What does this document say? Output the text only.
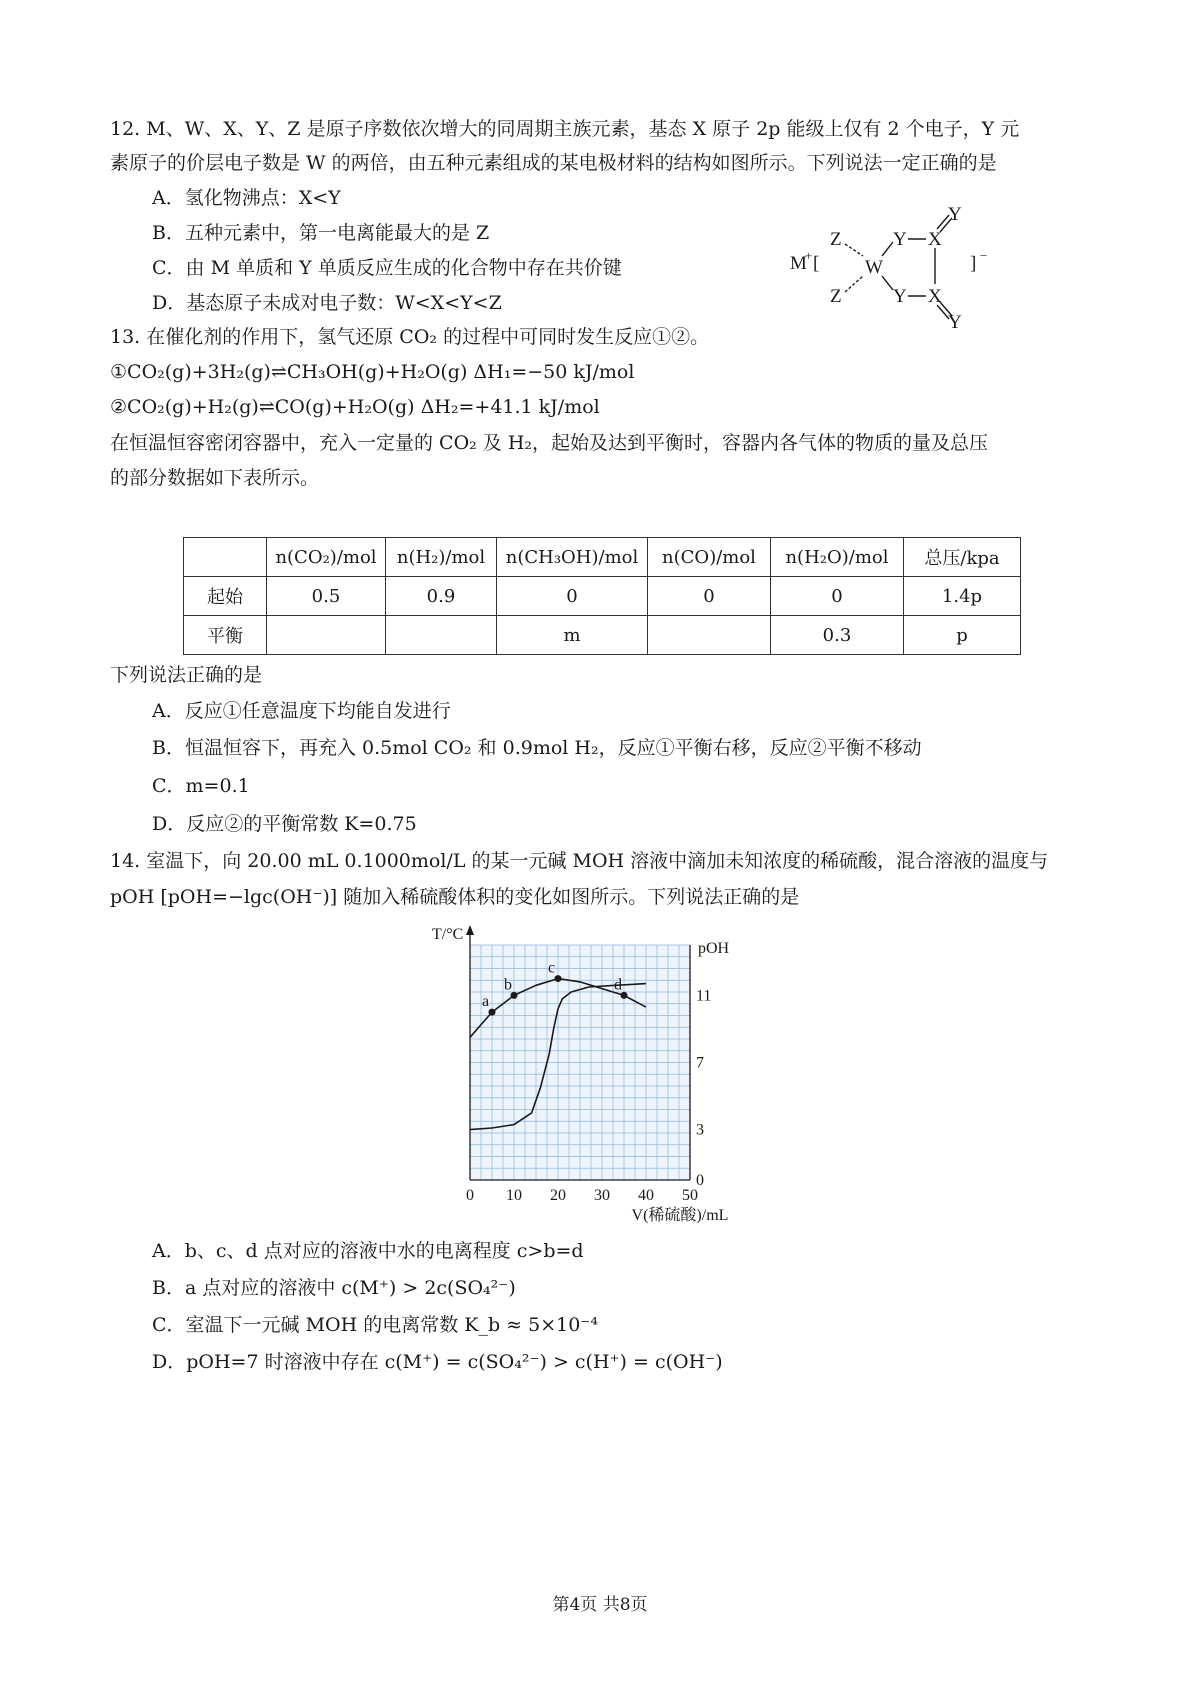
12. M、W、X、Y、Z 是原子序数依次增大的同周期主族元素，基态 X 原子 2p 能级上仅有 2 个电子，Y 元
素原子的价层电子数是 W 的两倍，由五种元素组成的某电极材料的结构如图所示。下列说法一定正确的是
A．氢化物沸点：X<Y
B．五种元素中，第一电离能最大的是 Z
C．由 M 单质和 Y 单质反应生成的化合物中存在共价键
D．基态原子未成对电子数：W<X<Y<Z
M
+ [
Z
Z
W
Y
Y
X
X
Y
Y
] −
13. 在催化剂的作用下，氢气还原 CO₂ 的过程中可同时发生反应①②。
①CO₂(g)+3H₂(g)⇌CH₃OH(g)+H₂O(g) ΔH₁=−50 kJ/mol
②CO₂(g)+H₂(g)⇌CO(g)+H₂O(g) ΔH₂=+41.1 kJ/mol
在恒温恒容密闭容器中，充入一定量的 CO₂ 及 H₂，起始及达到平衡时，容器内各气体的物质的量及总压
的部分数据如下表所示。
	n(CO₂)/mol	n(H₂)/mol	n(CH₃OH)/mol	n(CO)/mol	n(H₂O)/mol	总压/kpa
起始	0.5	0.9	0	0	0	1.4p
平衡			m		0.3	p
下列说法正确的是
A．反应①任意温度下均能自发进行
B．恒温恒容下，再充入 0.5mol CO₂ 和 0.9mol H₂，反应①平衡右移，反应②平衡不移动
C．m=0.1
D．反应②的平衡常数 K=0.75
14. 室温下，向 20.00 mL 0.1000mol/L 的某一元碱 MOH 溶液中滴加未知浓度的稀硫酸，混合溶液的温度与
pOH [pOH=−lgc(OH⁻)] 随加入稀硫酸体积的变化如图所示。下列说法正确的是
a
b
c
d
0 10 20 30 40 50
0
3
7
11
T/°C
pOH
V(稀硫酸)/mL
A．b、c、d 点对应的溶液中水的电离程度 c>b=d
B．a 点对应的溶液中 c(M⁺) > 2c(SO₄²⁻)
C．室温下一元碱 MOH 的电离常数 K_b ≈ 5×10⁻⁴
D．pOH=7 时溶液中存在 c(M⁺) = c(SO₄²⁻) > c(H⁺) = c(OH⁻)
第4页 共8页
